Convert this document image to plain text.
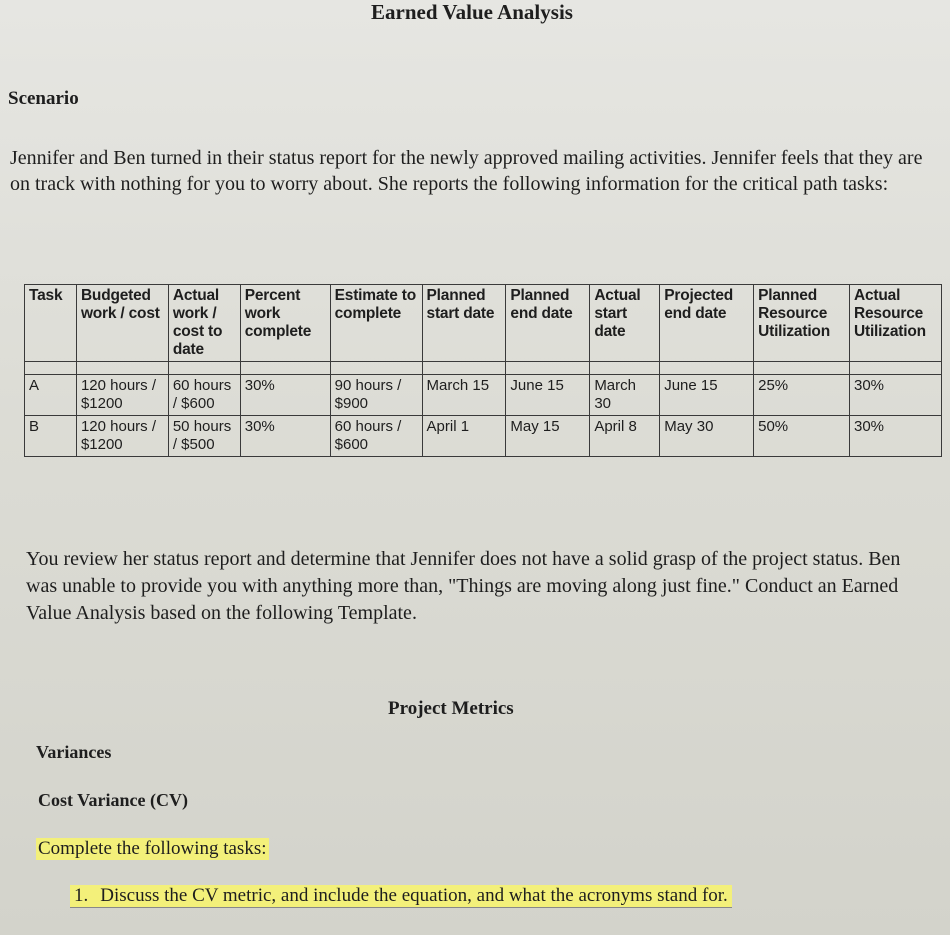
Earned Value Analysis
Scenario
Jennifer and Ben turned in their status report for the newly approved mailing activities. Jennifer feels that they are on track with nothing for you to worry about. She reports the following information for the critical path tasks:
Task	Budgeted work / cost	Actual work / cost to date	Percent work complete	Estimate to complete	Planned start date	Planned end date	Actual start date	Projected end date	Planned Resource Utilization	Actual Resource Utilization

A	120 hours / $1200	60 hours / $600	30%	90 hours / $900	March 15	June 15	March 30	June 15	25%	30%
B	120 hours / $1200	50 hours / $500	30%	60 hours / $600	April 1	May 15	April 8	May 30	50%	30%
You review her status report and determine that Jennifer does not have a solid grasp of the project status. Ben was unable to provide you with anything more than, "Things are moving along just fine." Conduct an Earned Value Analysis based on the following Template.
Project Metrics
Variances
Cost Variance (CV)
Complete the following tasks:
1. Discuss the CV metric, and include the equation, and what the acronyms stand for.
